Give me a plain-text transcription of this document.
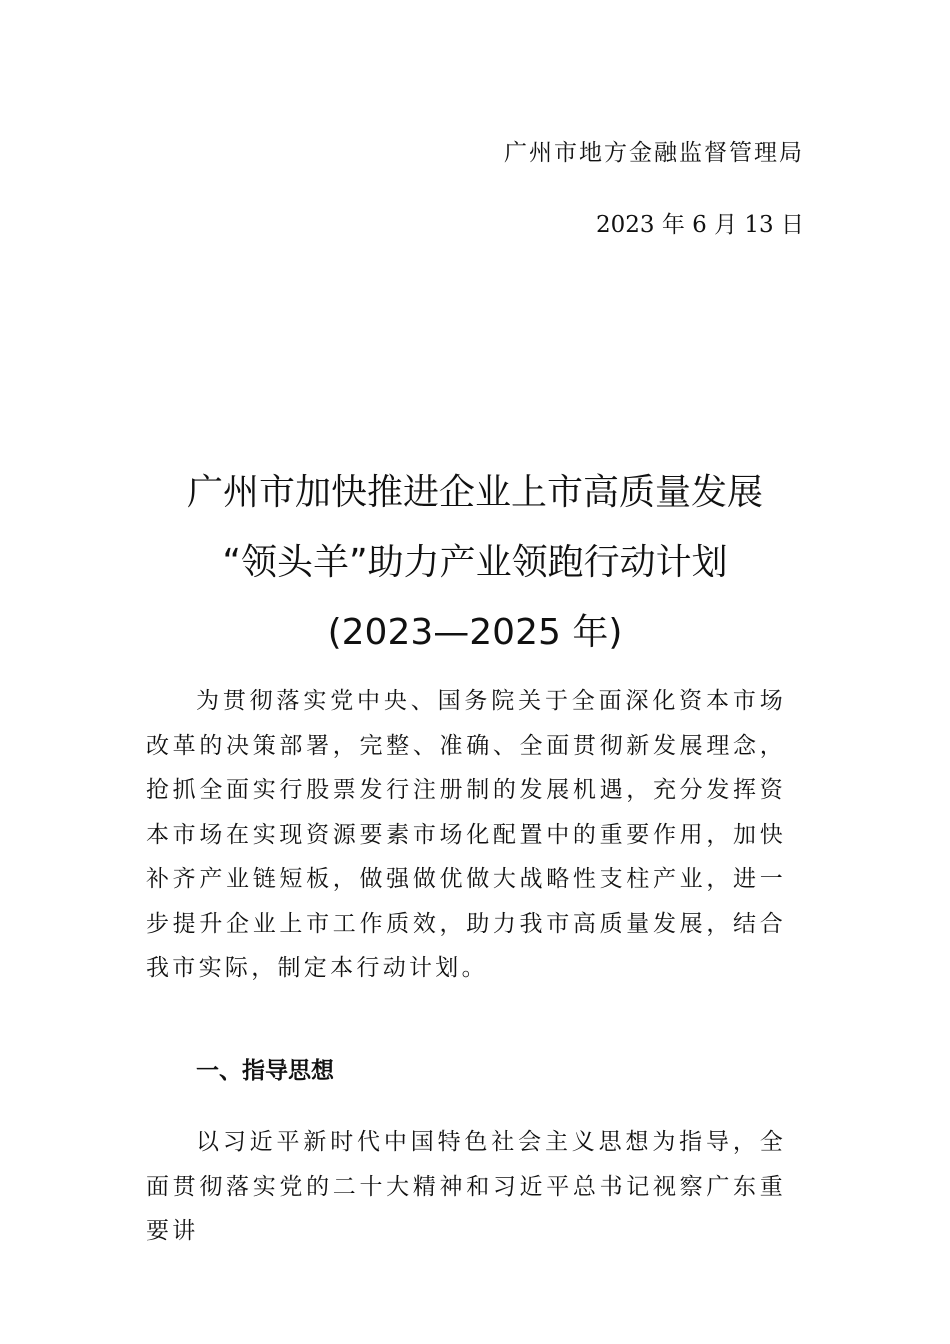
广州市地方金融监督管理局
2023 年 6 月 13 日
广州市加快推进企业上市高质量发展
“领头羊”助力产业领跑行动计划
(2023—2025 年)

为贯彻落实党中央、国务院关于全面深化资本市场改革的决策部署，完整、准确、全面贯彻新发展理念，抢抓全面实行股票发行注册制的发展机遇，充分发挥资本市场在实现资源要素市场化配置中的重要作用，加快补齐产业链短板，做强做优做大战略性支柱产业，进一步提升企业上市工作质效，助力我市高质量发展，结合我市实际，制定本行动计划。

一、指导思想

以习近平新时代中国特色社会主义思想为指导，全面贯彻落实党的二十大精神和习近平总书记视察广东重要讲
